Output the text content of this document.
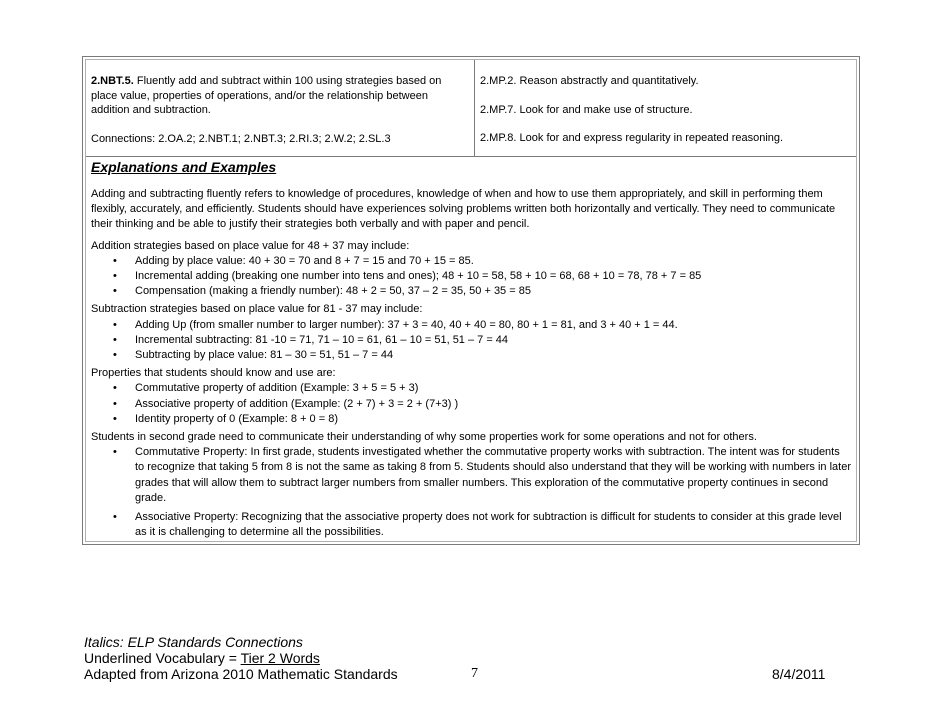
2.NBT.5. Fluently add and subtract within 100 using strategies based on place value, properties of operations, and/or the relationship between addition and subtraction.
Connections: 2.OA.2; 2.NBT.1; 2.NBT.3; 2.RI.3; 2.W.2; 2.SL.3
2.MP.2. Reason abstractly and quantitatively.
2.MP.7. Look for and make use of structure.
2.MP.8. Look for and express regularity in repeated reasoning.
Explanations and Examples
Adding and subtracting fluently refers to knowledge of procedures, knowledge of when and how to use them appropriately, and skill in performing them flexibly, accurately, and efficiently. Students should have experiences solving problems written both horizontally and vertically. They need to communicate their thinking and be able to justify their strategies both verbally and with paper and pencil.
Addition strategies based on place value for 48 + 37 may include:
• Adding by place value: 40 + 30 = 70 and 8 + 7 = 15 and 70 + 15 = 85.
• Incremental adding (breaking one number into tens and ones); 48 + 10 = 58, 58 + 10 = 68, 68 + 10 = 78, 78 + 7 = 85
• Compensation (making a friendly number): 48 + 2 = 50, 37 – 2 = 35, 50 + 35 = 85
Subtraction strategies based on place value for 81 - 37 may include:
• Adding Up (from smaller number to larger number): 37 + 3 = 40, 40 + 40 = 80, 80 + 1 = 81, and 3 + 40 + 1 = 44.
• Incremental subtracting: 81 -10 = 71, 71 – 10 = 61, 61 – 10 = 51, 51 – 7 = 44
• Subtracting by place value: 81 – 30 = 51, 51 – 7 = 44
Properties that students should know and use are:
• Commutative property of addition (Example: 3 + 5 = 5 + 3)
• Associative property of addition (Example: (2 + 7) + 3 = 2 + (7+3) )
• Identity property of 0 (Example: 8 + 0 = 8)
Students in second grade need to communicate their understanding of why some properties work for some operations and not for others.
• Commutative Property: In first grade, students investigated whether the commutative property works with subtraction. The intent was for students to recognize that taking 5 from 8 is not the same as taking 8 from 5. Students should also understand that they will be working with numbers in later grades that will allow them to subtract larger numbers from smaller numbers. This exploration of the commutative property continues in second grade.
• Associative Property: Recognizing that the associative property does not work for subtraction is difficult for students to consider at this grade level as it is challenging to determine all the possibilities.
Italics: ELP Standards Connections
Underlined Vocabulary = Tier 2 Words
Adapted from Arizona 2010 Mathematic Standards	7	8/4/2011
